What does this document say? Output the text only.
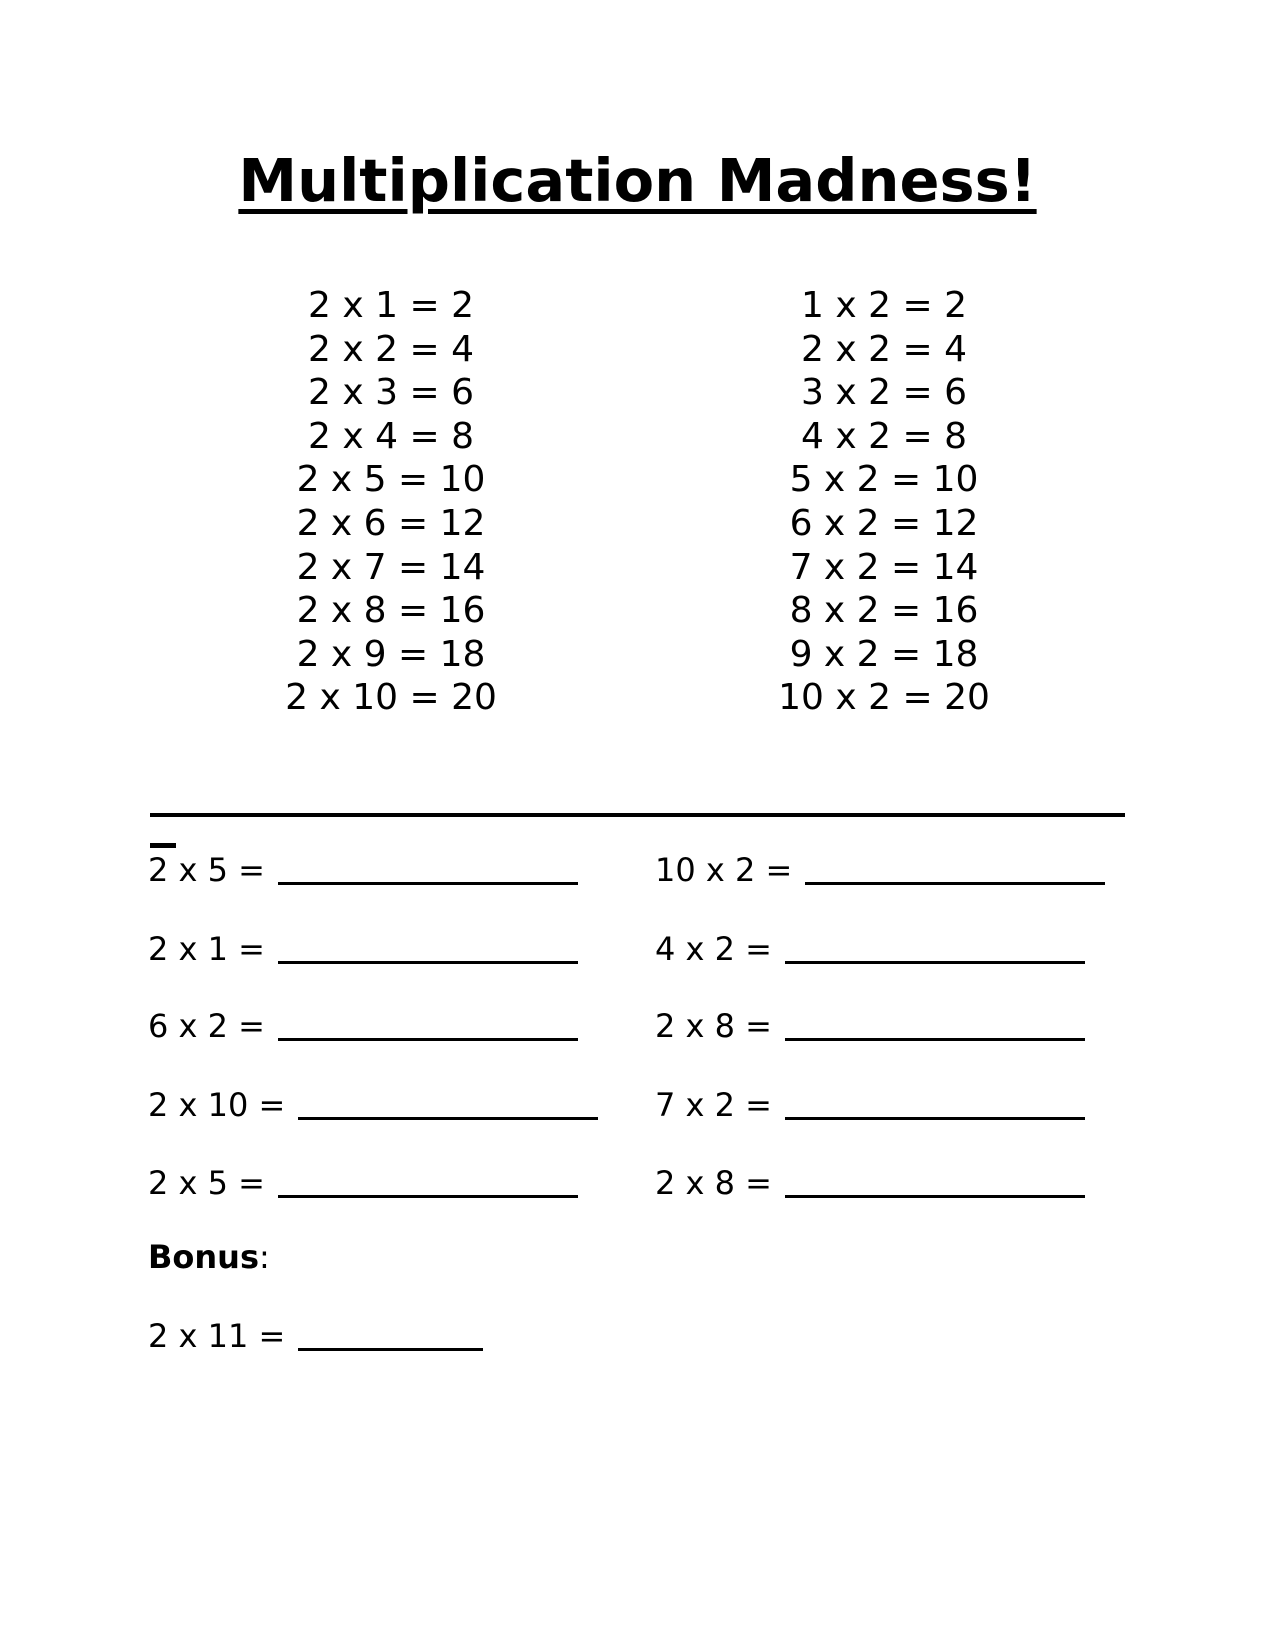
Multiplication Madness!
2 x 1 = 2
2 x 2 = 4
2 x 3 = 6
2 x 4 = 8
2 x 5 = 10
2 x 6 = 12
2 x 7 = 14
2 x 8 = 16
2 x 9 = 18
2 x 10 = 20
1 x 2 = 2
2 x 2 = 4
3 x 2 = 6
4 x 2 = 8
5 x 2 = 10
6 x 2 = 12
7 x 2 = 14
8 x 2 = 16
9 x 2 = 18
10 x 2 = 20
2 x 5 =	10 x 2 =
2 x 1 =	4 x 2 =
6 x 2 =	2 x 8 =
2 x 10 =	7 x 2 =
2 x 5 =	2 x 8 =
Bonus:
2 x 11 =
